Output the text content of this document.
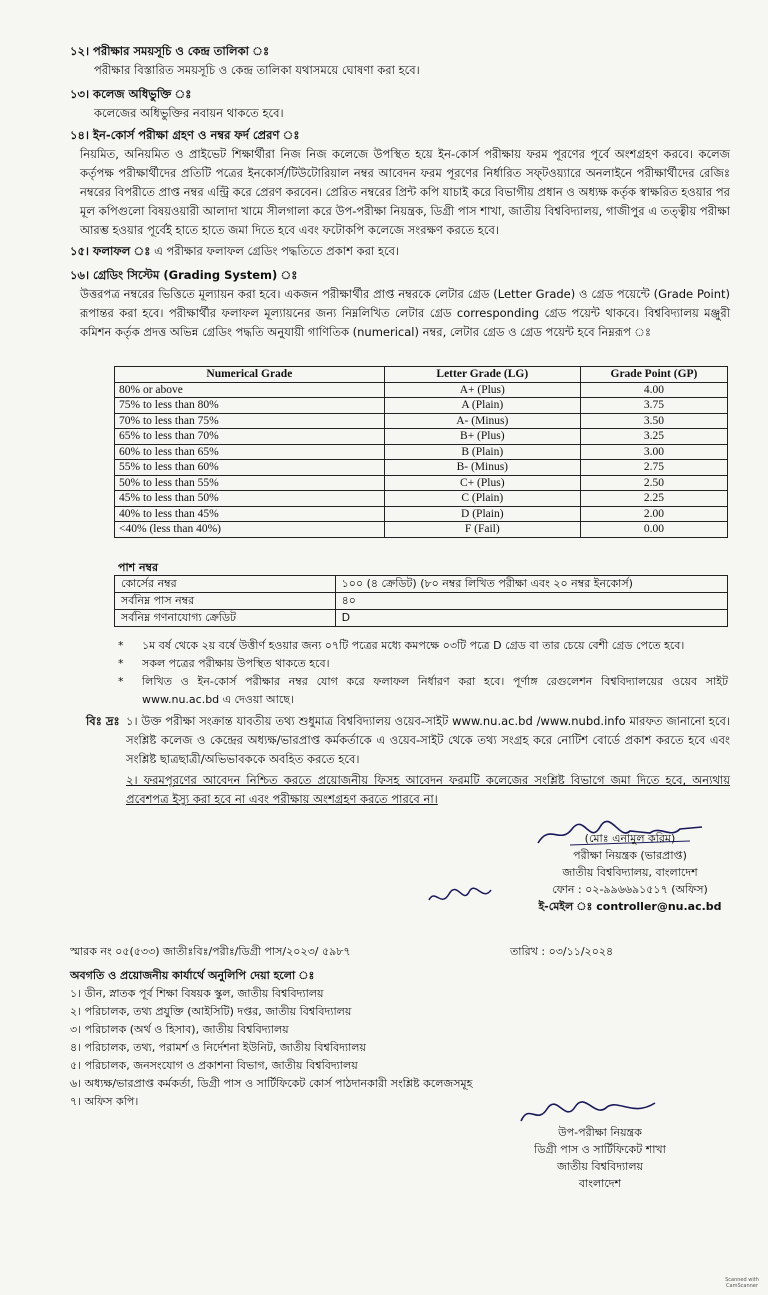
১২। পরীক্ষার সময়সূচি ও কেন্দ্র তালিকা ঃ
পরীক্ষার বিস্তারিত সময়সূচি ও কেন্দ্র তালিকা যথাসময়ে ঘোষণা করা হবে।
১৩। কলেজ অধিভুক্তি ঃ
কলেজের অধিভুক্তির নবায়ন থাকতে হবে।
১৪। ইন-কোর্স পরীক্ষা গ্রহণ ও নম্বর ফর্দ প্রেরণ ঃ
নিয়মিত, অনিয়মিত ও প্রাইভেট শিক্ষার্থীরা নিজ নিজ কলেজে উপস্থিত হয়ে ইন-কোর্স পরীক্ষায় ফরম পূরণের পূর্বে অংশগ্রহণ করবে। কলেজ কর্তৃপক্ষ পরীক্ষার্থীদের প্রতিটি পত্রের ইনকোর্স/টিউটোরিয়াল নম্বর আবেদন ফরম পূরণের নির্ধারিত সফ্‌টওয়্যারে অনলাইনে পরীক্ষার্থীদের রেজিঃ নম্বরের বিপরীতে প্রাপ্ত নম্বর এন্ট্রি করে প্রেরণ করবেন। প্রেরিত নম্বরের প্রিন্ট কপি যাচাই করে বিভাগীয় প্রধান ও অধ্যক্ষ কর্তৃক স্বাক্ষরিত হওয়ার পর মূল কপিগুলো বিষয়ওয়ারী আলাদা খামে সীলগালা করে উপ-পরীক্ষা নিয়ন্ত্রক, ডিগ্রী পাস শাখা, জাতীয় বিশ্ববিদ্যালয়, গাজীপুর এ তত্ত্বীয় পরীক্ষা আরম্ভ হওয়ার পূর্বেই হাতে হাতে জমা দিতে হবে এবং ফটোকপি কলেজে সংরক্ষণ করতে হবে।
১৫। ফলাফল ঃ এ পরীক্ষার ফলাফল গ্রেডিং পদ্ধতিতে প্রকাশ করা হবে।
১৬। গ্রেডিং সিস্টেম (Grading System) ঃ
উত্তরপত্র নম্বরের ভিত্তিতে মূল্যায়ন করা হবে। একজন পরীক্ষার্থীর প্রাপ্ত নম্বরকে লেটার গ্রেড (Letter Grade) ও গ্রেড পয়েন্টে (Grade Point) রূপান্তর করা হবে। পরীক্ষার্থীর ফলাফল মূল্যায়নের জন্য নিম্নলিখিত লেটার গ্রেড corresponding গ্রেড পয়েন্ট থাকবে। বিশ্ববিদ্যালয় মঞ্জুরী কমিশন কর্তৃক প্রদত্ত অভিন্ন গ্রেডিং পদ্ধতি অনুযায়ী গাণিতিক (numerical) নম্বর, লেটার গ্রেড ও গ্রেড পয়েন্ট হবে নিম্নরূপ ঃ
Numerical Grade	Letter Grade (LG)	Grade Point (GP)
80% or above	A+ (Plus)	4.00
75% to less than 80%	A (Plain)	3.75
70% to less than 75%	A- (Minus)	3.50
65% to less than 70%	B+ (Plus)	3.25
60% to less than 65%	B (Plain)	3.00
55% to less than 60%	B- (Minus)	2.75
50% to less than 55%	C+ (Plus)	2.50
45% to less than 50%	C (Plain)	2.25
40% to less than 45%	D (Plain)	2.00
<40% (less than 40%)	F (Fail)	0.00
পাশ নম্বর
কোর্সের নম্বর	১০০ (৪ ক্রেডিট) (৮০ নম্বর লিখিত পরীক্ষা এবং ২০ নম্বর ইনকোর্স)
সর্বনিম্ন পাস নম্বর	৪০
সর্বনিম্ন গণনাযোগ্য ক্রেডিট	D
*	১ম বর্ষ থেকে ২য় বর্ষে উত্তীর্ণ হওয়ার জন্য ০৭টি পত্রের মধ্যে কমপক্ষে ০৩টি পত্রে D গ্রেড বা তার চেয়ে বেশী গ্রেড পেতে হবে।
*	সকল পত্রের পরীক্ষায় উপস্থিত থাকতে হবে।
*	লিখিত ও ইন-কোর্স পরীক্ষার নম্বর যোগ করে ফলাফল নির্ধারণ করা হবে। পূর্ণাঙ্গ রেগুলেশন বিশ্ববিদ্যালয়ের ওয়েব সাইট www.nu.ac.bd এ দেওয়া আছে।
বিঃ দ্রঃ ১। উক্ত পরীক্ষা সংক্রান্ত যাবতীয় তথ্য শুধুমাত্র বিশ্ববিদ্যালয় ওয়েব-সাইট www.nu.ac.bd /www.nubd.info মারফত জানানো হবে। সংশ্লিষ্ট কলেজ ও কেন্দ্রের অধ্যক্ষ/ভারপ্রাপ্ত কর্মকর্তাকে এ ওয়েব-সাইট থেকে তথ্য সংগ্রহ করে নোটিশ বোর্ডে প্রকাশ করতে হবে এবং সংশ্লিষ্ট ছাত্রছাত্রী/অভিভাবককে অবহিত করতে হবে।
২। ফরমপূরণের আবেদন নিশ্চিত করতে প্রয়োজনীয় ফিসহ আবেদন ফরমটি কলেজের সংশ্লিষ্ট বিভাগে জমা দিতে হবে, অন্যথায় প্রবেশপত্র ইস্যু করা হবে না এবং পরীক্ষায় অংশগ্রহণ করতে পারবে না।
(মোঃ এনামুল করিম)
পরীক্ষা নিয়ন্ত্রক (ভারপ্রাপ্ত)
জাতীয় বিশ্ববিদ্যালয়, বাংলাদেশ
ফোন : ০২-৯৯৬৬৯১৫১৭ (অফিস)
ই-মেইল ঃ controller@nu.ac.bd
স্মারক নং ০৫(৫৩৩) জাতীঃবিঃ/পরীঃ/ডিগ্রী পাস/২০২৩/ ৫৯৮৭	তারিখ : ০৩/১১/২০২৪
অবগতি ও প্রয়োজনীয় কার্যার্থে অনুলিপি দেয়া হলো ঃ
১। ডীন, স্নাতক পূর্ব শিক্ষা বিষয়ক স্কুল, জাতীয় বিশ্ববিদ্যালয়
২। পরিচালক, তথ্য প্রযুক্তি (আইসিটি) দপ্তর, জাতীয় বিশ্ববিদ্যালয়
৩। পরিচালক (অর্থ ও হিসাব), জাতীয় বিশ্ববিদ্যালয়
৪। পরিচালক, তথ্য, পরামর্শ ও নির্দেশনা ইউনিট, জাতীয় বিশ্ববিদ্যালয়
৫। পরিচালক, জনসংযোগ ও প্রকাশনা বিভাগ, জাতীয় বিশ্ববিদ্যালয়
৬। অধ্যক্ষ/ভারপ্রাপ্ত কর্মকর্তা, ডিগ্রী পাস ও সার্টিফিকেট কোর্স পাঠদানকারী সংশ্লিষ্ট কলেজসমূহ
৭। অফিস কপি।
উপ-পরীক্ষা নিয়ন্ত্রক
ডিগ্রী পাস ও সার্টিফিকেট শাখা
জাতীয় বিশ্ববিদ্যালয়
বাংলাদেশ
Scanned with CamScanner
